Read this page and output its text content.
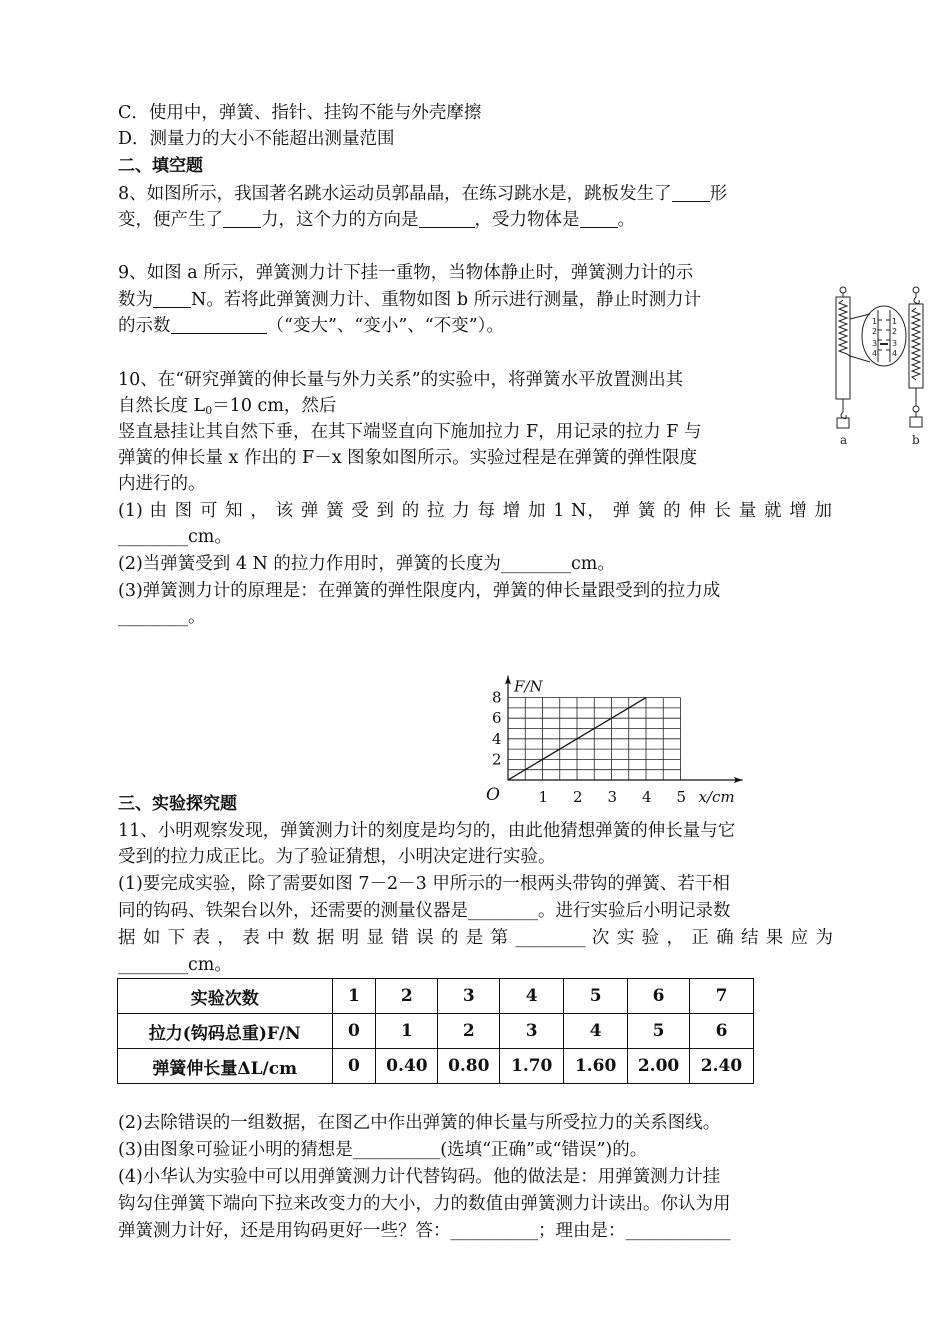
C．使用中，弹簧、指针、挂钩不能与外壳摩擦
D．测量力的大小不能超出测量范围
二、填空题
8、如图所示，我国著名跳水运动员郭晶晶，在练习跳水是，跳板发生了 形
变，便产生了 力，这个力的方向是	，受力物体是 。
9、如图 a 所示，弹簧测力计下挂一重物，当物体静止时，弹簧测力计的示
数为 N。若将此弹簧测力计、重物如图 b 所示进行测量，静止时测力计
的示数	（“变大”、“变小”、“不变”）。	1
2
3
4
1
2
3
4
a	b
10、在“研究弹簧的伸长量与外力关系”的实验中，将弹簧水平放置测出其
自然长度 $L_0=10$ cm，然后
竖直悬挂让其自然下垂，在其下端竖直向下施加拉力 F，用记录的拉力 F 与
弹簧的伸长量 x 作出的 F－x 图象如图所示。实验过程是在弹簧的弹性限度
内进行的。
(1) 由 图 可 知 ， 该 弹 簧 受 到 的 拉 力 每 增 加 1 N， 弹 簧 的 伸 长 量 就 增 加
________cm。
(2)当弹簧受到 4 N 的拉力作用时，弹簧的长度为________cm。
(3)弹簧测力计的原理是：在弹簧的弹性限度内，弹簧的伸长量跟受到的拉力成
________。
1 2 3 4 5
2
4
6
8
O	x/cm
F/N
三、实验探究题
11、小明观察发现，弹簧测力计的刻度是均匀的，由此他猜想弹簧的伸长量与它
受到的拉力成正比。为了验证猜想，小明决定进行实验。
(1)要完成实验，除了需要如图 7－2－3 甲所示的一根两头带钩的弹簧、若干相
同的钩码、铁架台以外，还需要的测量仪器是________。进行实验后小明记录数
据 如 下 表 ， 表 中 数 据 明 显 错 误 的 是 第 ________ 次 实 验 ， 正 确 结 果 应 为
________cm。
实验次数	1	2	3	4	5	6	7
拉力(钩码总重)F/N	0	1	2	3	4	5	6
弹簧伸长量ΔL/cm	0	0.40	0.80	1.70	1.60	2.00	2.40
(2)去除错误的一组数据，在图乙中作出弹簧的伸长量与所受拉力的关系图线。
(3)由图象可验证小明的猜想是__________(选填“正确”或“错误”)的。
(4)小华认为实验中可以用弹簧测力计代替钩码。他的做法是：用弹簧测力计挂
钩勾住弹簧下端向下拉来改变力的大小，力的数值由弹簧测力计读出。你认为用
弹簧测力计好，还是用钩码更好一些？答：__________；理由是：____________
